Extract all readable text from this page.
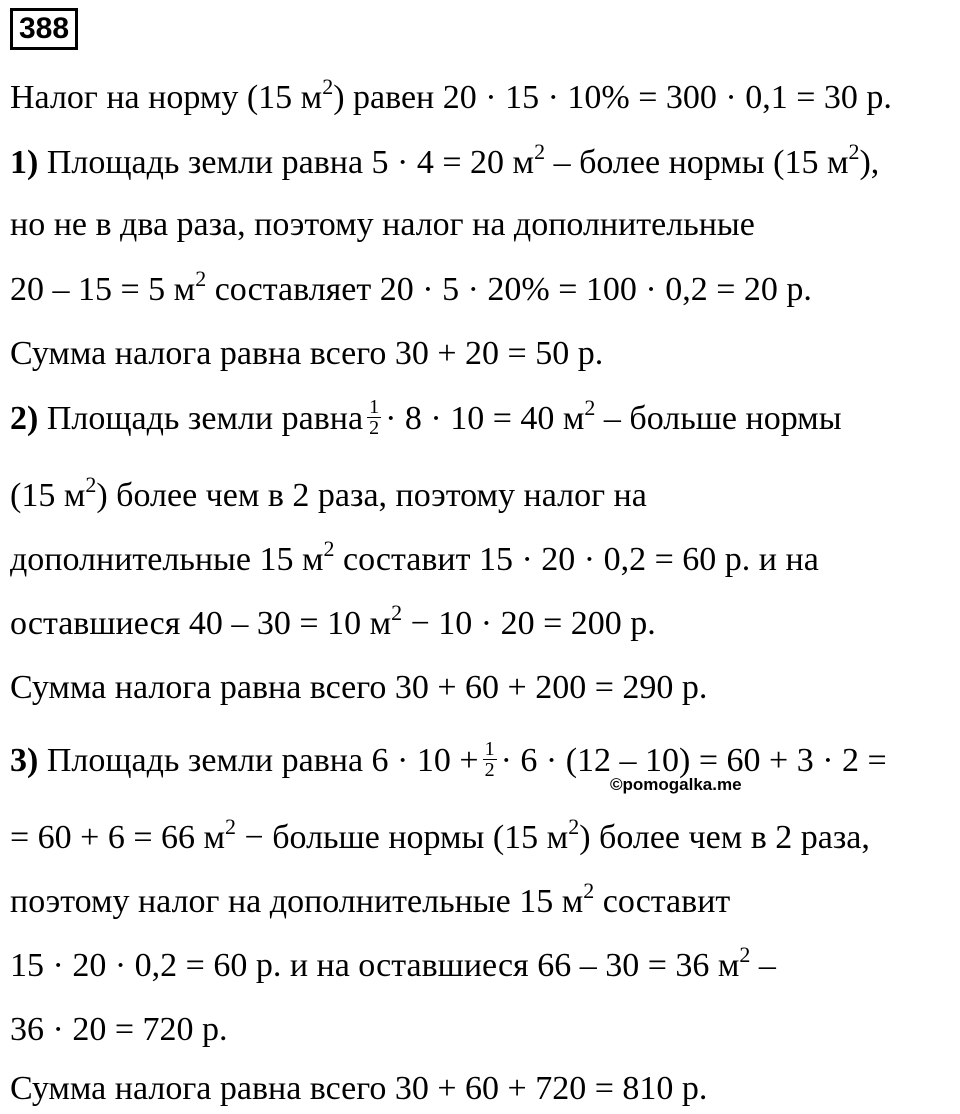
388
Налог на норму (15 $м^2$) равен 20 · 15 · 10% = 300 · 0,1 = 30 р.
1) Площадь земли равна 5 · 4 = 20 $м^2$ – более нормы (15 $м^2$),
но не в два раза, поэтому налог на дополнительные
20 – 15 = 5 $м^2$ составляет 20 · 5 · 20% = 100 · 0,2 = 20 р.
Сумма налога равна всего 30 + 20 = 50 р.
2) Площадь земли равна $\frac{1}{2} \cdot 8 \cdot 10 = 40$ $м^2$ – больше нормы
(15 $м^2$) более чем в 2 раза, поэтому налог на
дополнительные 15 $м^2$ составит 15 · 20 · 0,2 = 60 р. и на
оставшиеся 40 – 30 = 10 $м^2 - 10 \cdot 20 = 200$ р.
Сумма налога равна всего 30 + 60 + 200 = 290 р.
3) Площадь земли равна $6 \cdot 10 + \frac{1}{2} \cdot 6 \cdot (12 - 10) = 60 + 3 \cdot 2$ =
©pomogalka.me
= 60 + 6 = 66 $м^2$ − больше нормы (15 $м^2$) более чем в 2 раза,
поэтому налог на дополнительные 15 $м^2$ составит
15 · 20 · 0,2 = 60 р. и на оставшиеся 66 – 30 = 36 $м^2$ –
36 · 20 = 720 р.
Сумма налога равна всего 30 + 60 + 720 = 810 р.
